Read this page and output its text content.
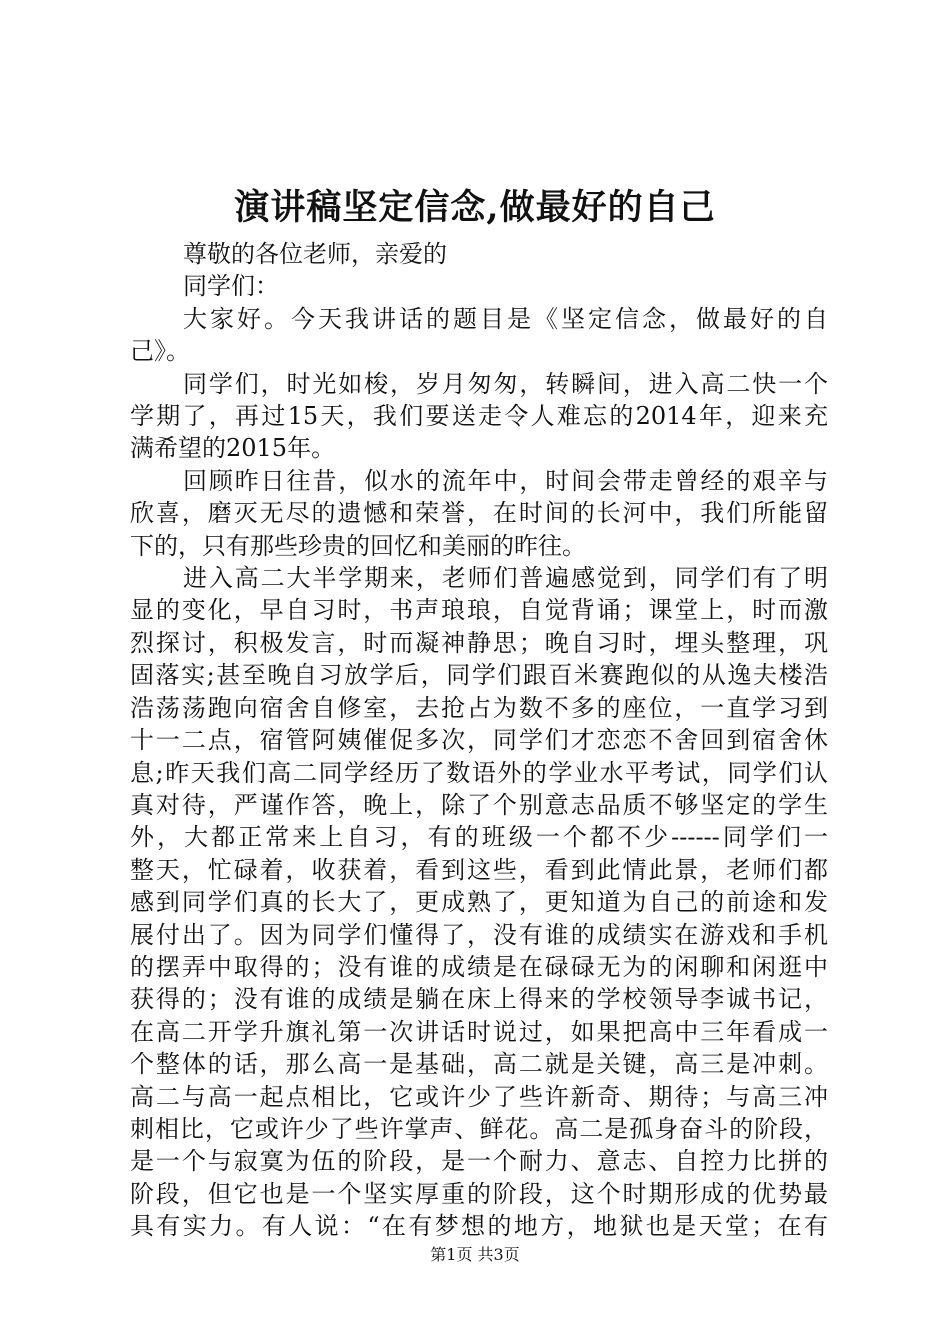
演讲稿坚定信念,做最好的自己
尊敬的各位老师，亲爱的
同学们：
大家好。今天我讲话的题目是《坚定信念，做最好的自
己》。
同学们，时光如梭，岁月匆匆，转瞬间，进入高二快一个
学期了，再过15天，我们要送走令人难忘的2014年，迎来充
满希望的2015年。
回顾昨日往昔，似水的流年中，时间会带走曾经的艰辛与
欣喜，磨灭无尽的遗憾和荣誉，在时间的长河中，我们所能留
下的，只有那些珍贵的回忆和美丽的昨往。
进入高二大半学期来，老师们普遍感觉到，同学们有了明
显的变化，早自习时，书声琅琅，自觉背诵；课堂上，时而激
烈探讨，积极发言，时而凝神静思；晚自习时，埋头整理，巩
固落实;甚至晚自习放学后，同学们跟百米赛跑似的从逸夫楼浩
浩荡荡跑向宿舍自修室，去抢占为数不多的座位，一直学习到
十一二点，宿管阿姨催促多次，同学们才恋恋不舍回到宿舍休
息;昨天我们高二同学经历了数语外的学业水平考试，同学们认
真对待，严谨作答，晚上，除了个别意志品质不够坚定的学生
外，大都正常来上自习，有的班级一个都不少------同学们一
整天，忙碌着，收获着，看到这些，看到此情此景，老师们都
感到同学们真的长大了，更成熟了，更知道为自己的前途和发
展付出了。因为同学们懂得了，没有谁的成绩实在游戏和手机
的摆弄中取得的；没有谁的成绩是在碌碌无为的闲聊和闲逛中
获得的；没有谁的成绩是躺在床上得来的学校领导李诚书记，
在高二开学升旗礼第一次讲话时说过，如果把高中三年看成一
个整体的话，那么高一是基础，高二就是关键，高三是冲刺。
高二与高一起点相比，它或许少了些许新奇、期待；与高三冲
刺相比，它或许少了些许掌声、鲜花。高二是孤身奋斗的阶段，
是一个与寂寞为伍的阶段，是一个耐力、意志、自控力比拼的
阶段，但它也是一个坚实厚重的阶段，这个时期形成的优势最
具有实力。有人说：“在有梦想的地方，地狱也是天堂；在有
第1页 共3页
